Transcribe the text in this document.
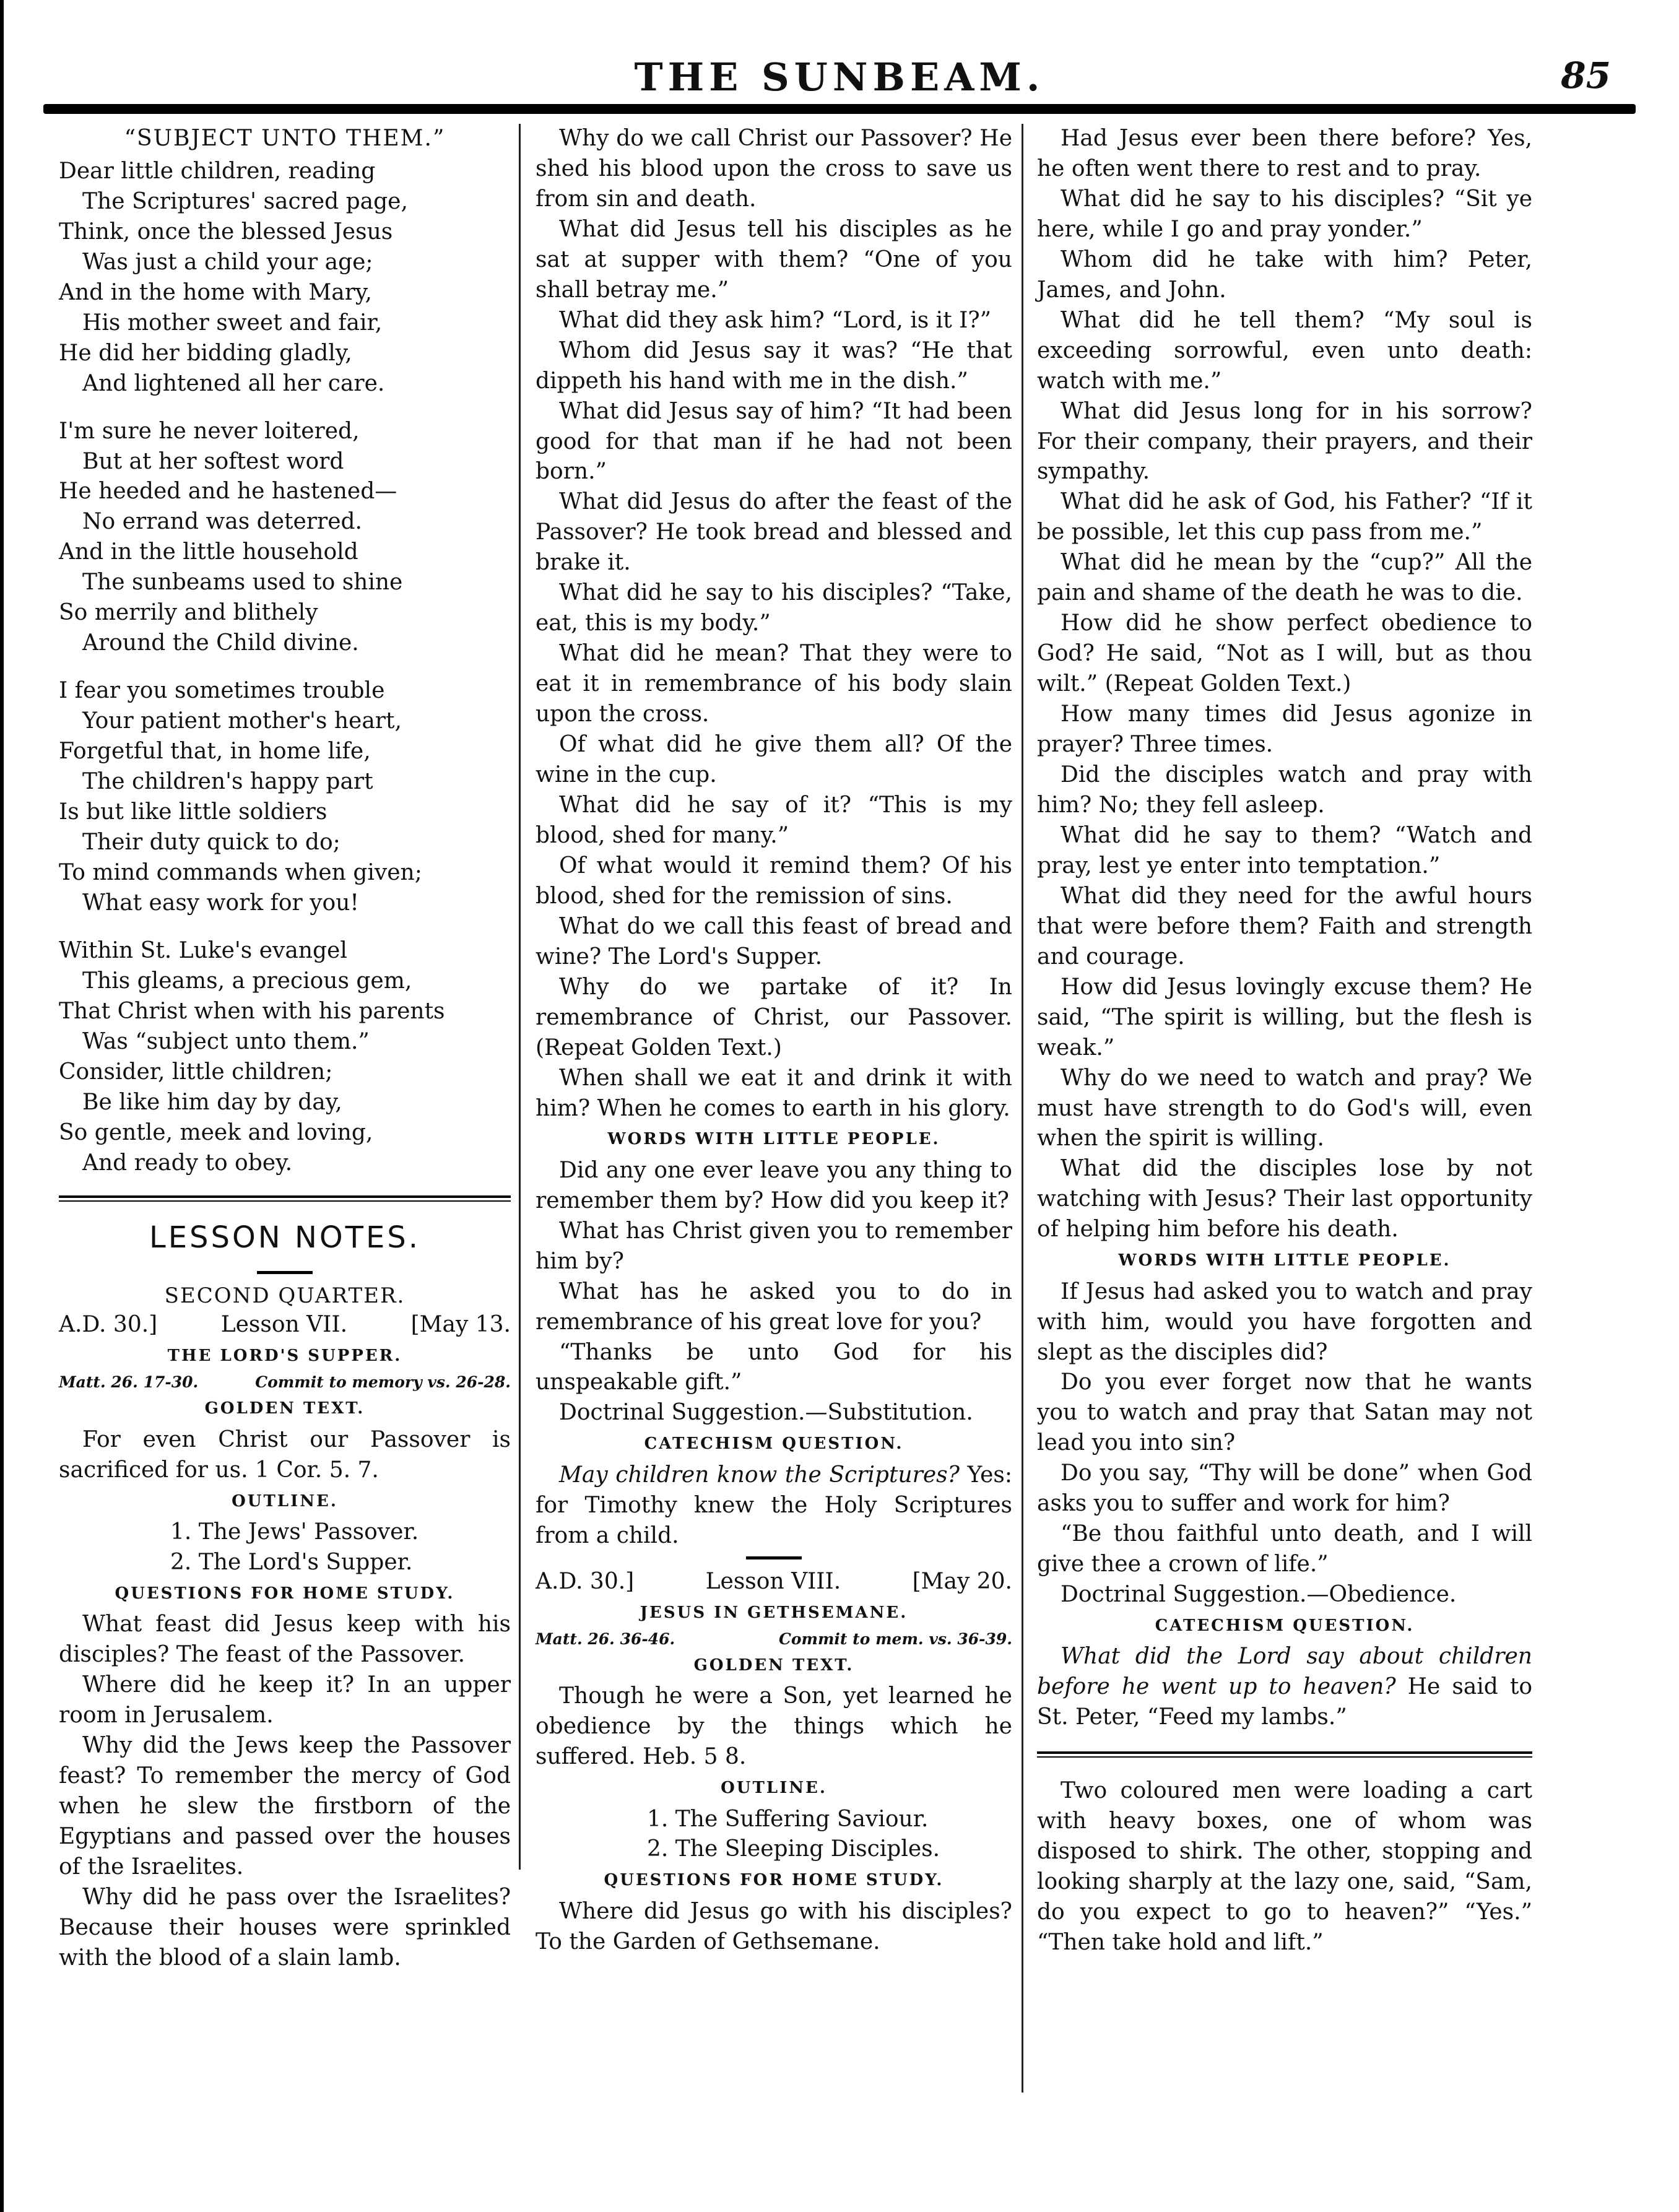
THE SUNBEAM.	85
“SUBJECT UNTO THEM.”
Dear little children, reading
The Scriptures' sacred page,
Think, once the blessed Jesus
Was just a child your age;
And in the home with Mary,
His mother sweet and fair,
He did her bidding gladly,
And lightened all her care.
I'm sure he never loitered,
But at her softest word
He heeded and he hastened—
No errand was deterred.
And in the little household
The sunbeams used to shine
So merrily and blithely
Around the Child divine.
I fear you sometimes trouble
Your patient mother's heart,
Forgetful that, in home life,
The children's happy part
Is but like little soldiers
Their duty quick to do;
To mind commands when given;
What easy work for you!
Within St. Luke's evangel
This gleams, a precious gem,
That Christ when with his parents
Was “subject unto them.”
Consider, little children;
Be like him day by day,
So gentle, meek and loving,
And ready to obey.
LESSON NOTES.
SECOND QUARTER.
A.D. 30.]	Lesson VII.	[May 13.
THE LORD'S SUPPER.
Matt. 26. 17-30.	Commit to memory vs. 26-28.
GOLDEN TEXT.

For even Christ our Passover is sacrificed for us. 1 Cor. 5. 7.

OUTLINE.
1. The Jews' Passover.
2. The Lord's Supper.
QUESTIONS FOR HOME STUDY.

What feast did Jesus keep with his disciples? The feast of the Passover.

Where did he keep it? In an upper room in Jerusalem.

Why did the Jews keep the Passover feast? To remember the mercy of God when he slew the firstborn of the Egyptians and passed over the houses of the Israelites.

Why did he pass over the Israelites? Because their houses were sprinkled with the blood of a slain lamb.

Why do we call Christ our Passover? He shed his blood upon the cross to save us from sin and death.

What did Jesus tell his disciples as he sat at supper with them? “One of you shall betray me.”

What did they ask him? “Lord, is it I?”

Whom did Jesus say it was? “He that dippeth his hand with me in the dish.”

What did Jesus say of him? “It had been good for that man if he had not been born.”

What did Jesus do after the feast of the Passover? He took bread and blessed and brake it.

What did he say to his disciples? “Take, eat, this is my body.”

What did he mean? That they were to eat it in remembrance of his body slain upon the cross.

Of what did he give them all? Of the wine in the cup.

What did he say of it? “This is my blood, shed for many.”

Of what would it remind them? Of his blood, shed for the remission of sins.

What do we call this feast of bread and wine? The Lord's Supper.

Why do we partake of it? In remembrance of Christ, our Passover. (Repeat Golden Text.)

When shall we eat it and drink it with him? When he comes to earth in his glory.

WORDS WITH LITTLE PEOPLE.

Did any one ever leave you any thing to remember them by? How did you keep it?

What has Christ given you to remember him by?

What has he asked you to do in remembrance of his great love for you?

“Thanks be unto God for his unspeakable gift.”

Doctrinal Suggestion.—Substitution.

CATECHISM QUESTION.

May children know the Scriptures? Yes: for Timothy knew the Holy Scriptures from a child.

A.D. 30.]	Lesson VIII.	[May 20.
JESUS IN GETHSEMANE.
Matt. 26. 36-46.	Commit to mem. vs. 36-39.
GOLDEN TEXT.

Though he were a Son, yet learned he obedience by the things which he suffered. Heb. 5 8.

OUTLINE.
1. The Suffering Saviour.
2. The Sleeping Disciples.
QUESTIONS FOR HOME STUDY.

Where did Jesus go with his disciples? To the Garden of Gethsemane.

Had Jesus ever been there before? Yes, he often went there to rest and to pray.

What did he say to his disciples? “Sit ye here, while I go and pray yonder.”

Whom did he take with him? Peter, James, and John.

What did he tell them? “My soul is exceeding sorrowful, even unto death: watch with me.”

What did Jesus long for in his sorrow? For their company, their prayers, and their sympathy.

What did he ask of God, his Father? “If it be possible, let this cup pass from me.”

What did he mean by the “cup?” All the pain and shame of the death he was to die.

How did he show perfect obedience to God? He said, “Not as I will, but as thou wilt.” (Repeat Golden Text.)

How many times did Jesus agonize in prayer? Three times.

Did the disciples watch and pray with him? No; they fell asleep.

What did he say to them? “Watch and pray, lest ye enter into temptation.”

What did they need for the awful hours that were before them? Faith and strength and courage.

How did Jesus lovingly excuse them? He said, “The spirit is willing, but the flesh is weak.”

Why do we need to watch and pray? We must have strength to do God's will, even when the spirit is willing.

What did the disciples lose by not watching with Jesus? Their last opportunity of helping him before his death.

WORDS WITH LITTLE PEOPLE.

If Jesus had asked you to watch and pray with him, would you have forgotten and slept as the disciples did?

Do you ever forget now that he wants you to watch and pray that Satan may not lead you into sin?

Do you say, “Thy will be done” when God asks you to suffer and work for him?

“Be thou faithful unto death, and I will give thee a crown of life.”

Doctrinal Suggestion.—Obedience.

CATECHISM QUESTION.

What did the Lord say about children before he went up to heaven? He said to St. Peter, “Feed my lambs.”

Two coloured men were loading a cart with heavy boxes, one of whom was disposed to shirk. The other, stopping and looking sharply at the lazy one, said, “Sam, do you expect to go to heaven?” “Yes.” “Then take hold and lift.”
